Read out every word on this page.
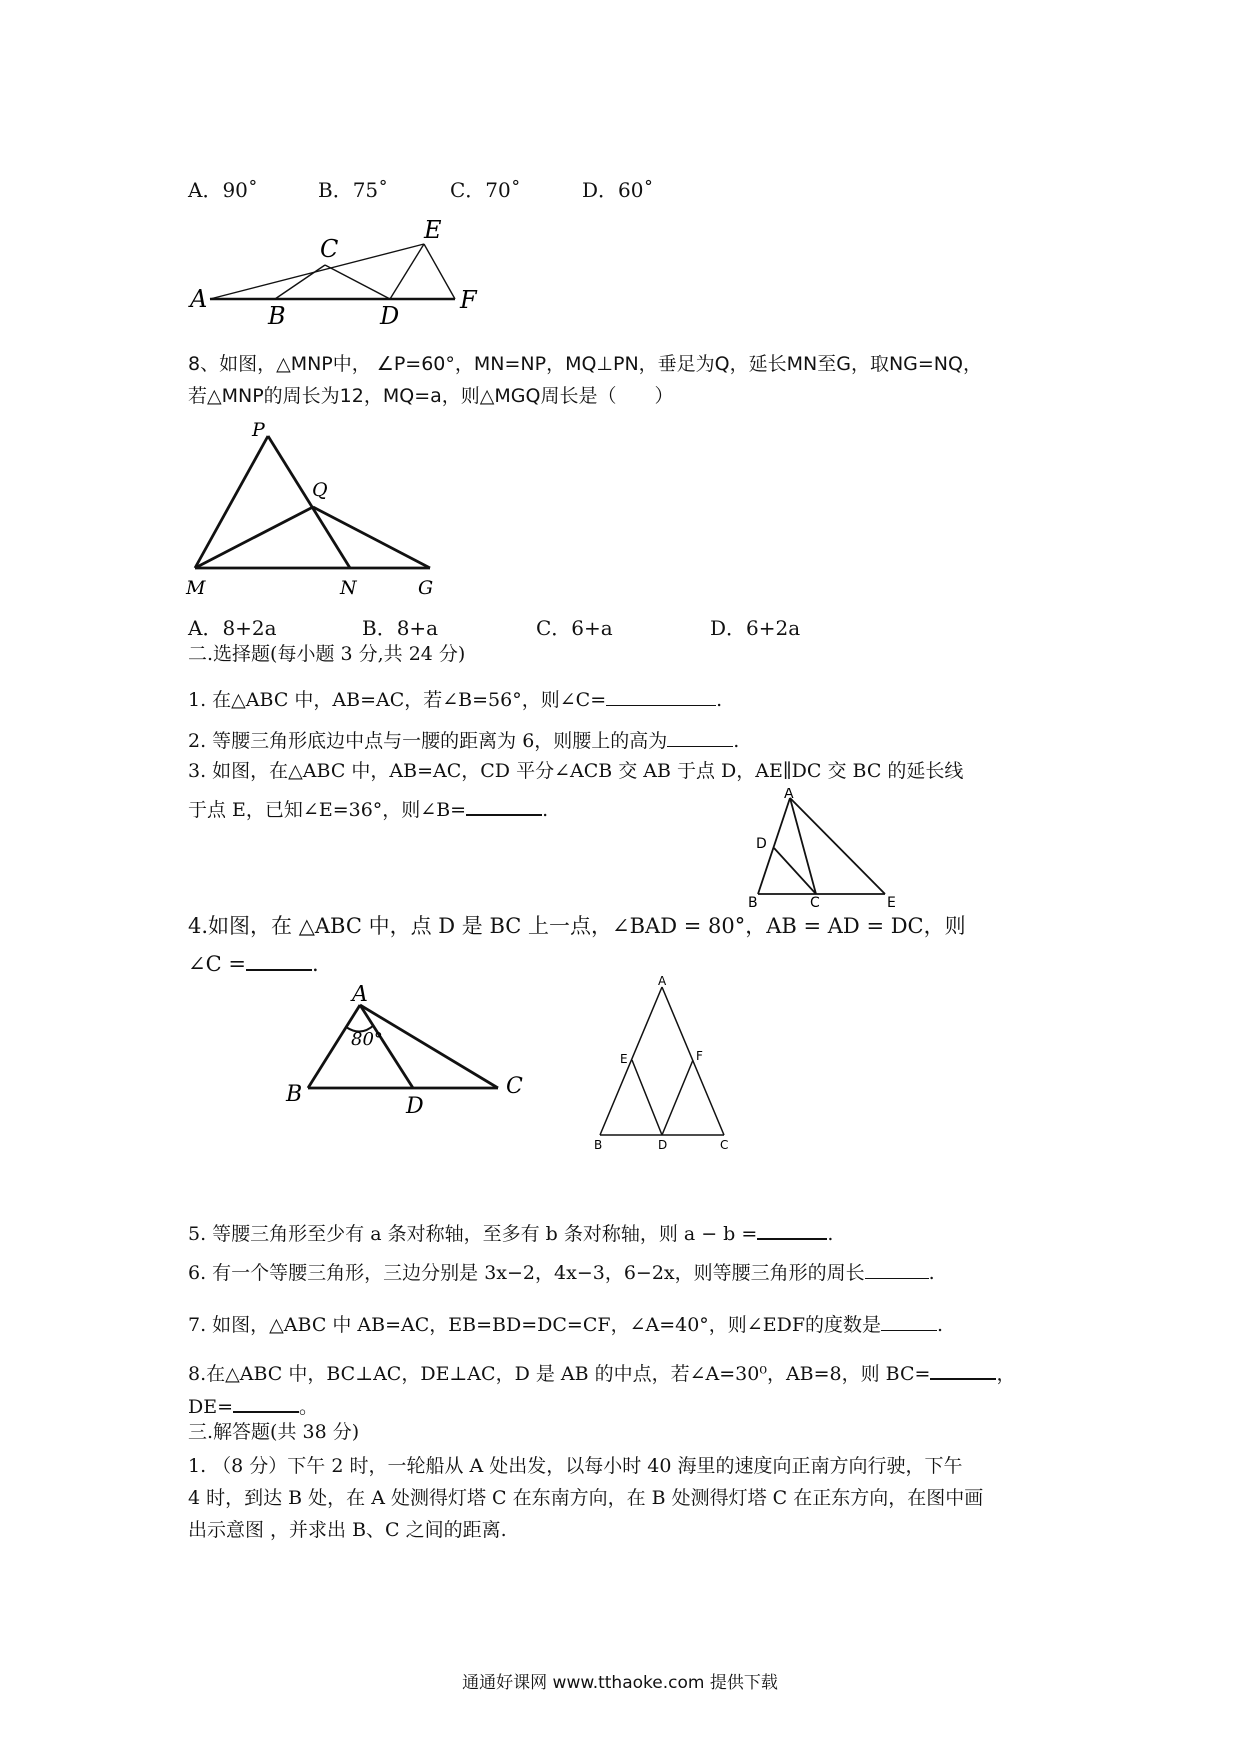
A．90˚	B．75˚	C．70˚	D．60˚
A
B
C
D
E
F
8、如图，△MNP中， ∠P=60°，MN=NP，MQ⊥PN，垂足为Q，延长MN至G，取NG=NQ，
若△MNP的周长为12，MQ=a，则△MGQ周长是（　　）
P
Q
M	N	G
A．8+2a	B．8+a	C．6+a	D．6+2a
二.选择题(每小题 3 分,共 24 分)
1. 在△ABC 中，AB=AC，若∠B=56°，则∠C=	.
2. 等腰三角形底边中点与一腰的距离为 6，则腰上的高为	.
3. 如图，在△ABC 中，AB=AC，CD 平分∠ACB 交 AB 于点 D，AE∥DC 交 BC 的延长线
于点 E，已知∠E=36°，则∠B=	.
A
D
B	C	E
4.如图，在 △ABC 中，点 D 是 BC 上一点，∠BAD = 80°，AB = AD = DC，则
∠C =	.
80°
A
B	C
D
A
E	F
B	D	C
5. 等腰三角形至少有 a 条对称轴，至多有 b 条对称轴，则 a − b =	.
6. 有一个等腰三角形，三边分别是 3x−2，4x−3，6−2x，则等腰三角形的周长	.
7. 如图，△ABC 中 AB=AC，EB=BD=DC=CF，∠A=40°，则∠EDF的度数是	.
8.在△ABC 中，BC⊥AC，DE⊥AC，D 是 AB 的中点，若∠A=30⁰，AB=8，则 BC=	，
DE=	。
三.解答题(共 38 分)
1. （8 分）下午 2 时，一轮船从 A 处出发，以每小时 40 海里的速度向正南方向行驶，下午
4 时，到达 B 处，在 A 处测得灯塔 C 在东南方向，在 B 处测得灯塔 C 在正东方向，在图中画
出示意图 ，并求出 B、C 之间的距离.
通通好课网 www.tthaoke.com 提供下载
